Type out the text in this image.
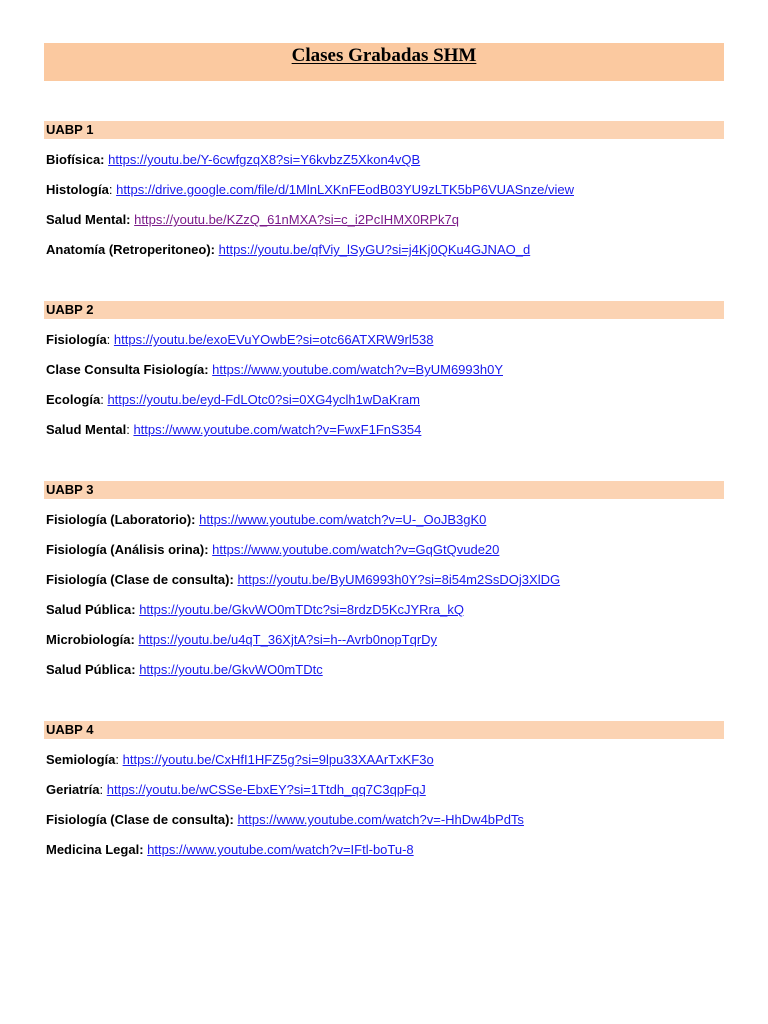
Clases Grabadas SHM
UABP 1
Biofísica: https://youtu.be/Y-6cwfgzqX8?si=Y6kvbzZ5Xkon4vQB
Histología: https://drive.google.com/file/d/1MlnLXKnFEodB03YU9zLTK5bP6VUASnze/view
Salud Mental: https://youtu.be/KZzQ_61nMXA?si=c_i2PcIHMX0RPk7q
Anatomía (Retroperitoneo): https://youtu.be/qfViy_lSyGU?si=j4Kj0QKu4GJNAO_d
UABP 2
Fisiología: https://youtu.be/exoEVuYOwbE?si=otc66ATXRW9rl538
Clase Consulta Fisiología: https://www.youtube.com/watch?v=ByUM6993h0Y
Ecología: https://youtu.be/eyd-FdLOtc0?si=0XG4yclh1wDaKram
Salud Mental: https://www.youtube.com/watch?v=FwxF1FnS354
UABP 3
Fisiología (Laboratorio): https://www.youtube.com/watch?v=U-_OoJB3gK0
Fisiología (Análisis orina): https://www.youtube.com/watch?v=GqGtQvude20
Fisiología (Clase de consulta): https://youtu.be/ByUM6993h0Y?si=8i54m2SsDOj3XlDG
Salud Pública: https://youtu.be/GkvWO0mTDtc?si=8rdzD5KcJYRra_kQ
Microbiología: https://youtu.be/u4qT_36XjtA?si=h--Avrb0nopTqrDy
Salud Pública: https://youtu.be/GkvWO0mTDtc
UABP 4
Semiología: https://youtu.be/CxHfI1HFZ5g?si=9lpu33XAArTxKF3o
Geriatría: https://youtu.be/wCSSe-EbxEY?si=1Ttdh_qq7C3qpFqJ
Fisiología (Clase de consulta): https://www.youtube.com/watch?v=-HhDw4bPdTs
Medicina Legal: https://www.youtube.com/watch?v=IFtl-boTu-8
